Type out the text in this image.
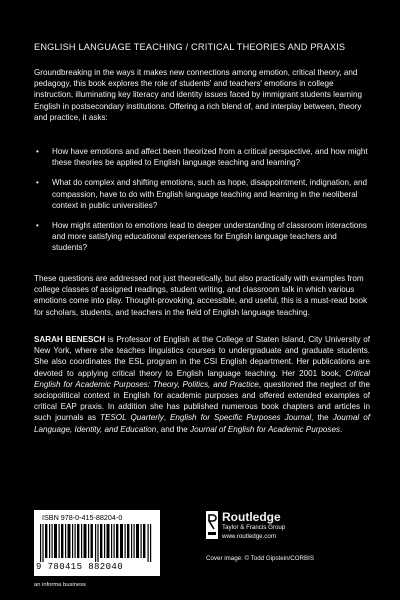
ENGLISH LANGUAGE TEACHING / CRITICAL THEORIES AND PRAXIS

Groundbreaking in the ways it makes new connections among emotion, critical theory, and pedagogy, this book explores the role of students' and teachers' emotions in college instruction, illuminating key literacy and identity issues faced by immigrant students learning English in postsecondary institutions. Offering a rich blend of, and interplay between, theory and practice, it asks:

• How have emotions and affect been theorized from a critical perspective, and how might these theories be applied to English language teaching and learning?
• What do complex and shifting emotions, such as hope, disappointment, indignation, and compassion, have to do with English language teaching and learning in the neoliberal context in public universities?
• How might attention to emotions lead to deeper understanding of classroom interactions and more satisfying educational experiences for English language teachers and students?

These questions are addressed not just theoretically, but also practically with examples from college classes of assigned readings, student writing, and classroom talk in which various emotions come into play. Thought-provoking, accessible, and useful, this is a must-read book for scholars, students, and teachers in the field of English language teaching.

SARAH BENESCH is Professor of English at the College of Staten Island, City University of New York, where she teaches linguistics courses to undergraduate and graduate students. She also coordinates the ESL program in the CSI English department. Her publications are devoted to applying critical theory to English language teaching. Her 2001 book, Critical English for Academic Purposes: Theory, Politics, and Practice, questioned the neglect of the sociopolitical context in English for academic purposes and offered extended examples of critical EAP praxis. In addition she has published numerous book chapters and articles in such journals as TESOL Quarterly, English for Specific Purposes Journal, the Journal of Language, Identity, and Education, and the Journal of English for Academic Purposes.

ISBN 978-0-415-88204-0
9 780415 882040
an informa business
Routledge
Taylor & Francis Group
www.routledge.com
Cover image: © Todd Gipstein/CORBIS
